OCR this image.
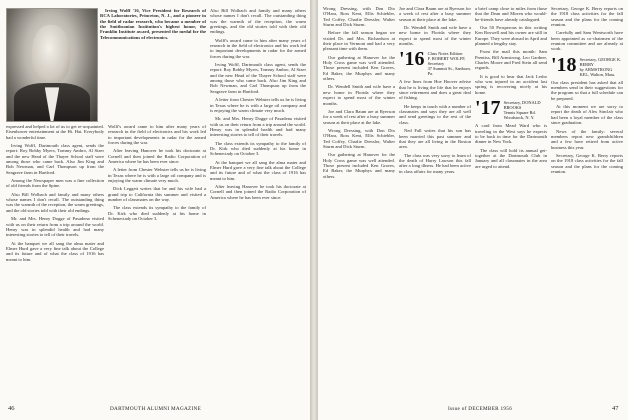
Irving Wolff '16, Vice President for Research of RCA Laboratories, Princeton, N. J., and a pioneer in the field of radar research, who became a member of the Smithsonian Institution's highest honor, the Franklin Institute award, presented the medal for the Telecommunications of electronics.

expressed and helped a lot of us to get re-acquainted. Eisenhower entertainment at the Hi. Hat. Everybody had a wonderful time.

Irving Wolff, Dartmouth class agent, sends the report: Roy Bobby Myers, Tommy Ambro, Al Sizer and the new Head of the Thayer School staff were among those who came back. Also Jim King and Bob Newman, and Carl Thompson up from the Seagrave farm in Hartford.

Among the Newspaper men was a fine collection of old friends from the Spine.

Also Bill Wolbach and family and many others whose names I don't recall. The outstanding thing was the warmth of the reception, the warm greetings, and the old stories told with their old endings.

Mr. and Mrs. Henry Dogge of Pasadena visited with us on their return from a trip around the world. Henry was in splendid health and had many interesting stories to tell of their travels.

At the banquet we all sang the alma mater and Elmer Hurd gave a very fine talk about the College and its future and of what the class of 1916 has meant to him.

Wolff's award came to him after many years of research in the field of electronics and his work led to important developments in radar for the armed forces during the war.

After leaving Hanover he took his doctorate at Cornell and then joined the Radio Corporation of America where he has been ever since.

A letter from Chester Webster tells us he is living in Texas where he is with a large oil company and is enjoying the warm climate very much.

Dick Leggett writes that he and his wife had a grand trip to California this summer and visited a number of classmates on the way.

The class extends its sympathy to the family of Dr. Kirk who died suddenly at his home in Schenectady on October 3.

Also Bill Wolbach and family and many others whose names I don't recall. The outstanding thing was the warmth of the reception, the warm greetings, and the old stories told with their old endings.

Wolff's award came to him after many years of research in the field of electronics and his work led to important developments in radar for the armed forces during the war.

Irving Wolff, Dartmouth class agent, sends the report: Roy Bobby Myers, Tommy Ambro, Al Sizer and the new Head of the Thayer School staff were among those who came back. Also Jim King and Bob Newman, and Carl Thompson up from the Seagrave farm in Hartford.

A letter from Chester Webster tells us he is living in Texas where he is with a large oil company and is enjoying the warm climate very much.

Mr. and Mrs. Henry Dogge of Pasadena visited with us on their return from a trip around the world. Henry was in splendid health and had many interesting stories to tell of their travels.

The class extends its sympathy to the family of Dr. Kirk who died suddenly at his home in Schenectady on October 3.

At the banquet we all sang the alma mater and Elmer Hurd gave a very fine talk about the College and its future and of what the class of 1916 has meant to him.

After leaving Hanover he took his doctorate at Cornell and then joined the Radio Corporation of America where he has been ever since.

46	DARTMOUTH ALUMNI MAGAZINE

Wrong Dressing, with Don Dix O'Hara, Ross Kent, Ellis Schiebler, Ted Coffey, Charlie Dressler, Walter Sturm and Dick Sturm.

Before the fall season began we visited Dr. and Mrs. Richardson at their place in Vermont and had a very pleasant time with them.

Our gathering at Hanover for the Holy Cross game was well attended. Those present included Ken Graves, Ed Baker, the Murphys and many others.

Dr. Wendell Smith and wife have a new home in Florida where they expect to spend most of the winter months.

Joe and Clara Baum are at Ryerson for a week of rest after a busy summer season at their place at the lake.

Wrong Dressing, with Don Dix O'Hara, Ross Kent, Ellis Schiebler, Ted Coffey, Charlie Dressler, Walter Sturm and Dick Sturm.

Our gathering at Hanover for the Holy Cross game was well attended. Those present included Ken Graves, Ed Baker, the Murphys and many others.

Joe and Clara Baum are at Ryerson for a week of rest after a busy summer season at their place at the lake.

Dr. Wendell Smith and wife have a new home in Florida where they expect to spend most of the winter months.

'16 Class Notes Edition
F. ROBERT WOLFF, Secretary
37 Summit St., Sanborn, Pa.

A few lines from Hoe Hoover advise that he is living the life that he enjoys since retirement and does a great deal of fishing.

He keeps in touch with a number of classmates and says they are all well and send greetings to the rest of the class.

Ned Fall writes that his son has been married this past summer and that they are all living in the Boston area.

The class was very sorry to learn of the death of Harry Lawson this fall after a long illness. He had been active in class affairs for many years.

a brief camp close to miles from those that the Dean and Mirren who would-be-friends have already catalogued.

Our 50 Prosperous in this writing Ken Boswell and his owner are still in Europe. They were abroad in April and planned a lengthy stay.

From the mail this month: Sam Prentiss, Bill Armstrong, Leo Gardner, Charles Moore and Fred Stein all send regards.

It is good to hear that Jack Lesbo who was injured in an accident last spring is recovering nicely at his home.

'17 Secretary, DONALD BROOKS
Tennis Square Rd.
Woodstock, N. Y.

A card from Mead Ward who is traveling in the West says he expects to be back in time for the Dartmouth dinner in New York.

The class will hold its annual get-together at the Dartmouth Club in January and all classmates in the area are urged to attend.

Secretary, George K. Berry reports on the 1918 class activities for the fall season and the plans for the coming reunion.

Carefully and Sam Wentworth have been appointed as co-chairmen of the reunion committee and are already at work.

'18 Secretary, GEORGE K. BERRY
by ARMSTRONG KEL, Walton, Mass.

Our class president has asked that all members send in their suggestions for the program so that a full schedule can be prepared.

At this moment we are sorry to report the death of Alex Sinclair who had been a loyal member of the class since graduation.

News of the family: several members report new grandchildren and a few have retired from active business this year.

Secretary, George K. Berry reports on the 1918 class activities for the fall season and the plans for the coming reunion.

Issue of DECEMBER 1956	47
